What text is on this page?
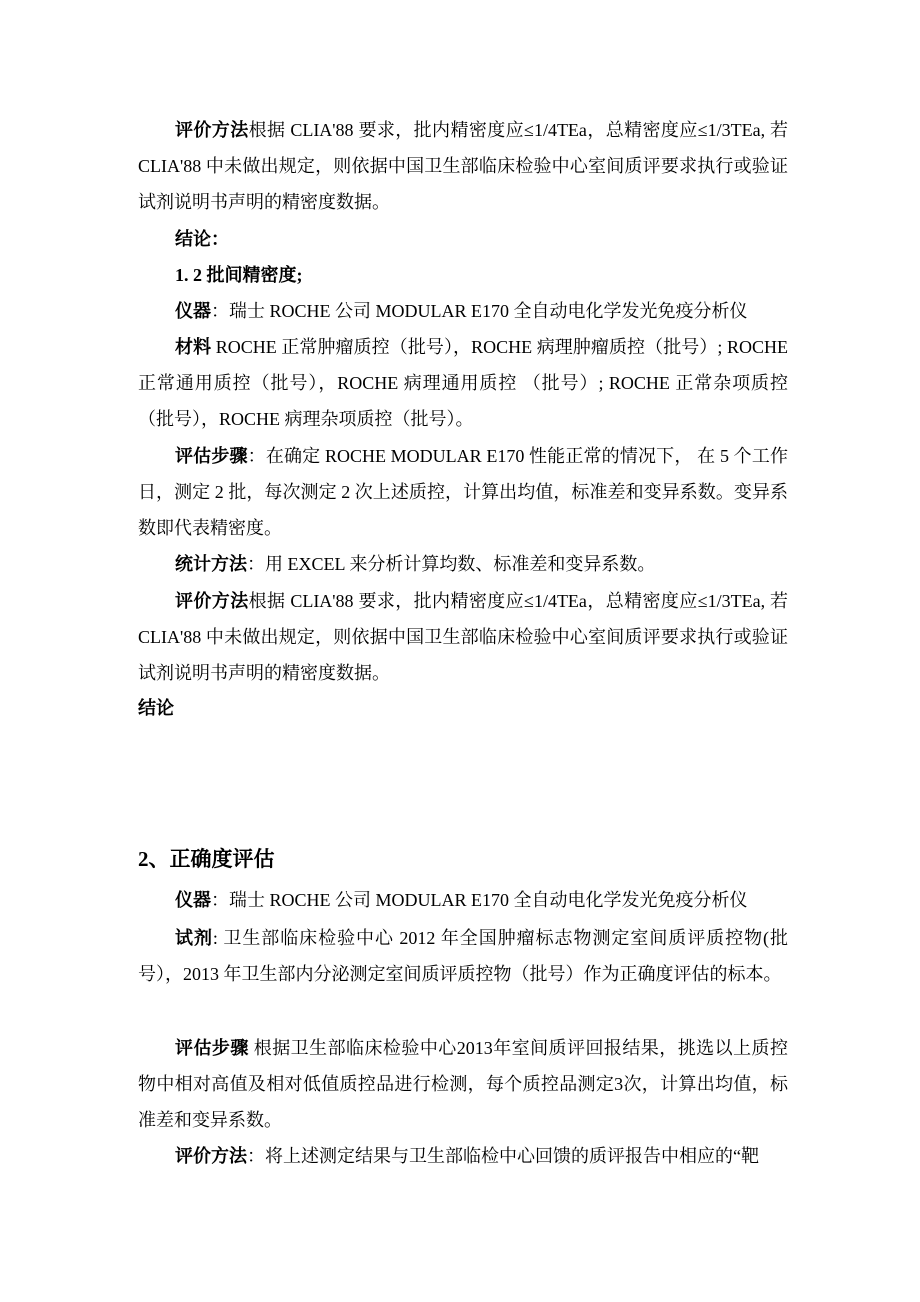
评价方法根据 CLIA'88 要求，批内精密度应≤1/4TEa，总精密度应≤1/3TEa, 若 CLIA'88 中未做出规定，则依据中国卫生部临床检验中心室间质评要求执行或验证试剂说明书声明的精密度数据。

结论：

1. 2 批间精密度;

仪器：瑞士 ROCHE 公司 MODULAR E170 全自动电化学发光免疫分析仪

材料 ROCHE 正常肿瘤质控（批号），ROCHE 病理肿瘤质控（批号）; ROCHE 正常通用质控（批号），ROCHE 病理通用质控 （批号）; ROCHE 正常杂项质控（批号），ROCHE 病理杂项质控（批号）。

评估步骤：在确定 ROCHE MODULAR E170 性能正常的情况下， 在 5 个工作日，测定 2 批，每次测定 2 次上述质控，计算出均值，标准差和变异系数。变异系数即代表精密度。

统计方法：用 EXCEL 来分析计算均数、标准差和变异系数。

评价方法根据 CLIA'88 要求，批内精密度应≤1/4TEa，总精密度应≤1/3TEa, 若 CLIA'88 中未做出规定，则依据中国卫生部临床检验中心室间质评要求执行或验证试剂说明书声明的精密度数据。

结论

2、正确度评估

仪器：瑞士 ROCHE 公司 MODULAR E170 全自动电化学发光免疫分析仪

试剂: 卫生部临床检验中心 2012 年全国肿瘤标志物测定室间质评质控物(批号），2013 年卫生部内分泌测定室间质评质控物（批号）作为正确度评估的标本。

评估步骤 根据卫生部临床检验中心2013年室间质评回报结果，挑选以上质控物中相对高值及相对低值质控品进行检测，每个质控品测定3次，计算出均值，标准差和变异系数。

评价方法：将上述测定结果与卫生部临检中心回馈的质评报告中相应的“靶
